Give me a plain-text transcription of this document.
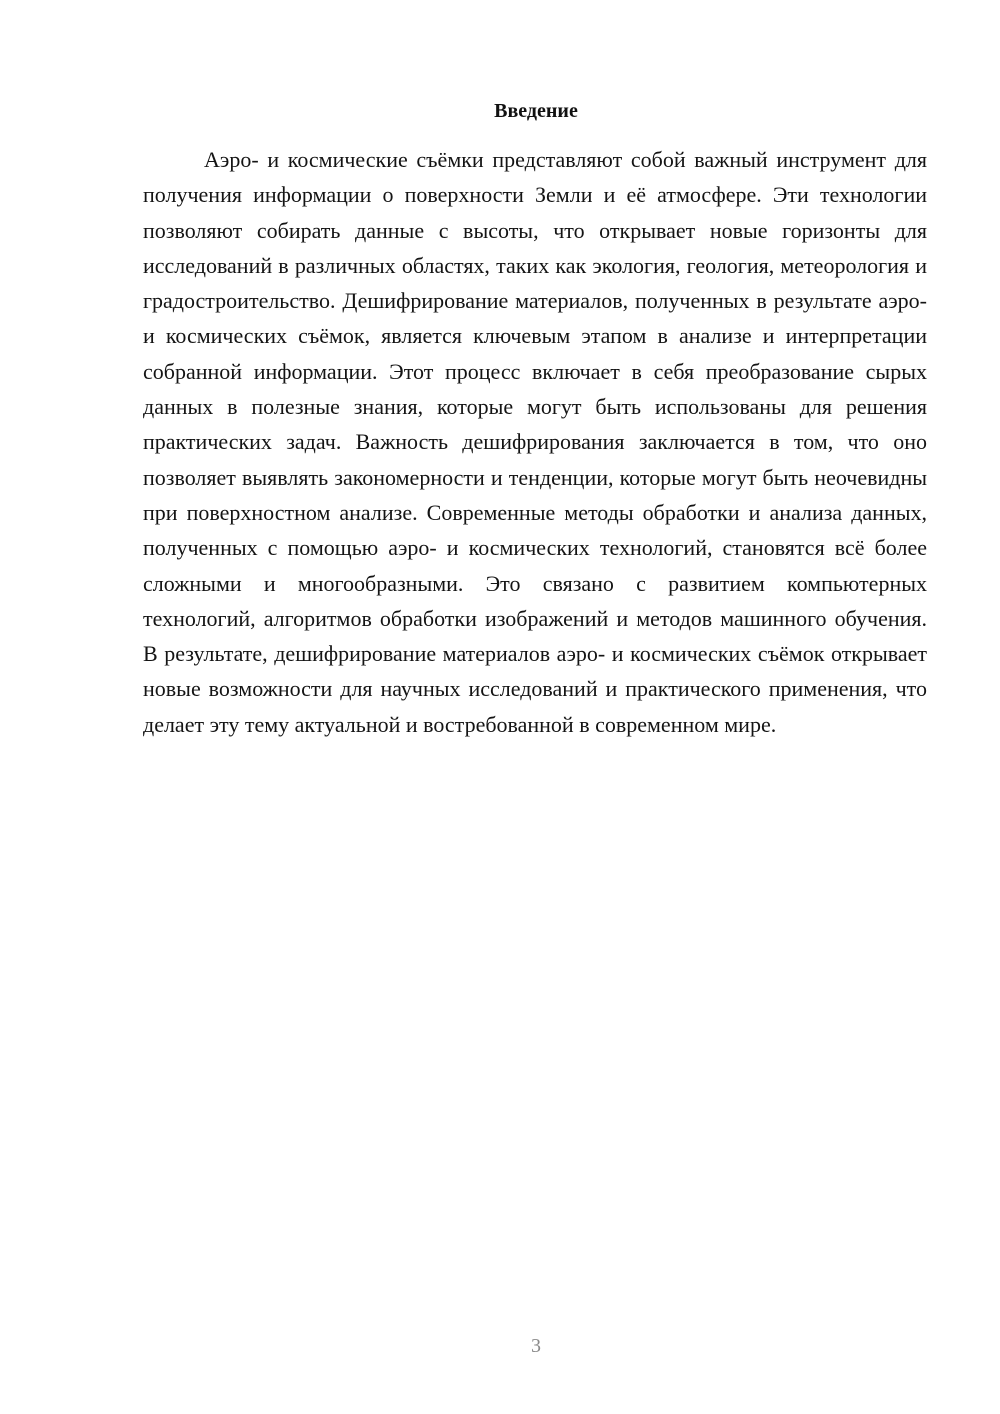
Введение

Аэро- и космические съёмки представляют собой важный инструмент для получения информации о поверхности Земли и её атмосфере. Эти технологии позволяют собирать данные с высоты, что открывает новые горизонты для исследований в различных областях, таких как экология, геология, метеорология и градостроительство. Дешифрирование материалов, полученных в результате аэро- и космических съёмок, является ключевым этапом в анализе и интерпретации собранной информации. Этот процесс включает в себя преобразование сырых данных в полезные знания, которые могут быть использованы для решения практических задач. Важность дешифрирования заключается в том, что оно позволяет выявлять закономерности и тенденции, которые могут быть неочевидны при поверхностном анализе. Современные методы обработки и анализа данных, полученных с помощью аэро- и космических технологий, становятся всё более сложными и многообразными. Это связано с развитием компьютерных технологий, алгоритмов обработки изображений и методов машинного обучения. В результате, дешифрирование материалов аэро- и космических съёмок открывает новые возможности для научных исследований и практического применения, что делает эту тему актуальной и востребованной в современном мире.

3
